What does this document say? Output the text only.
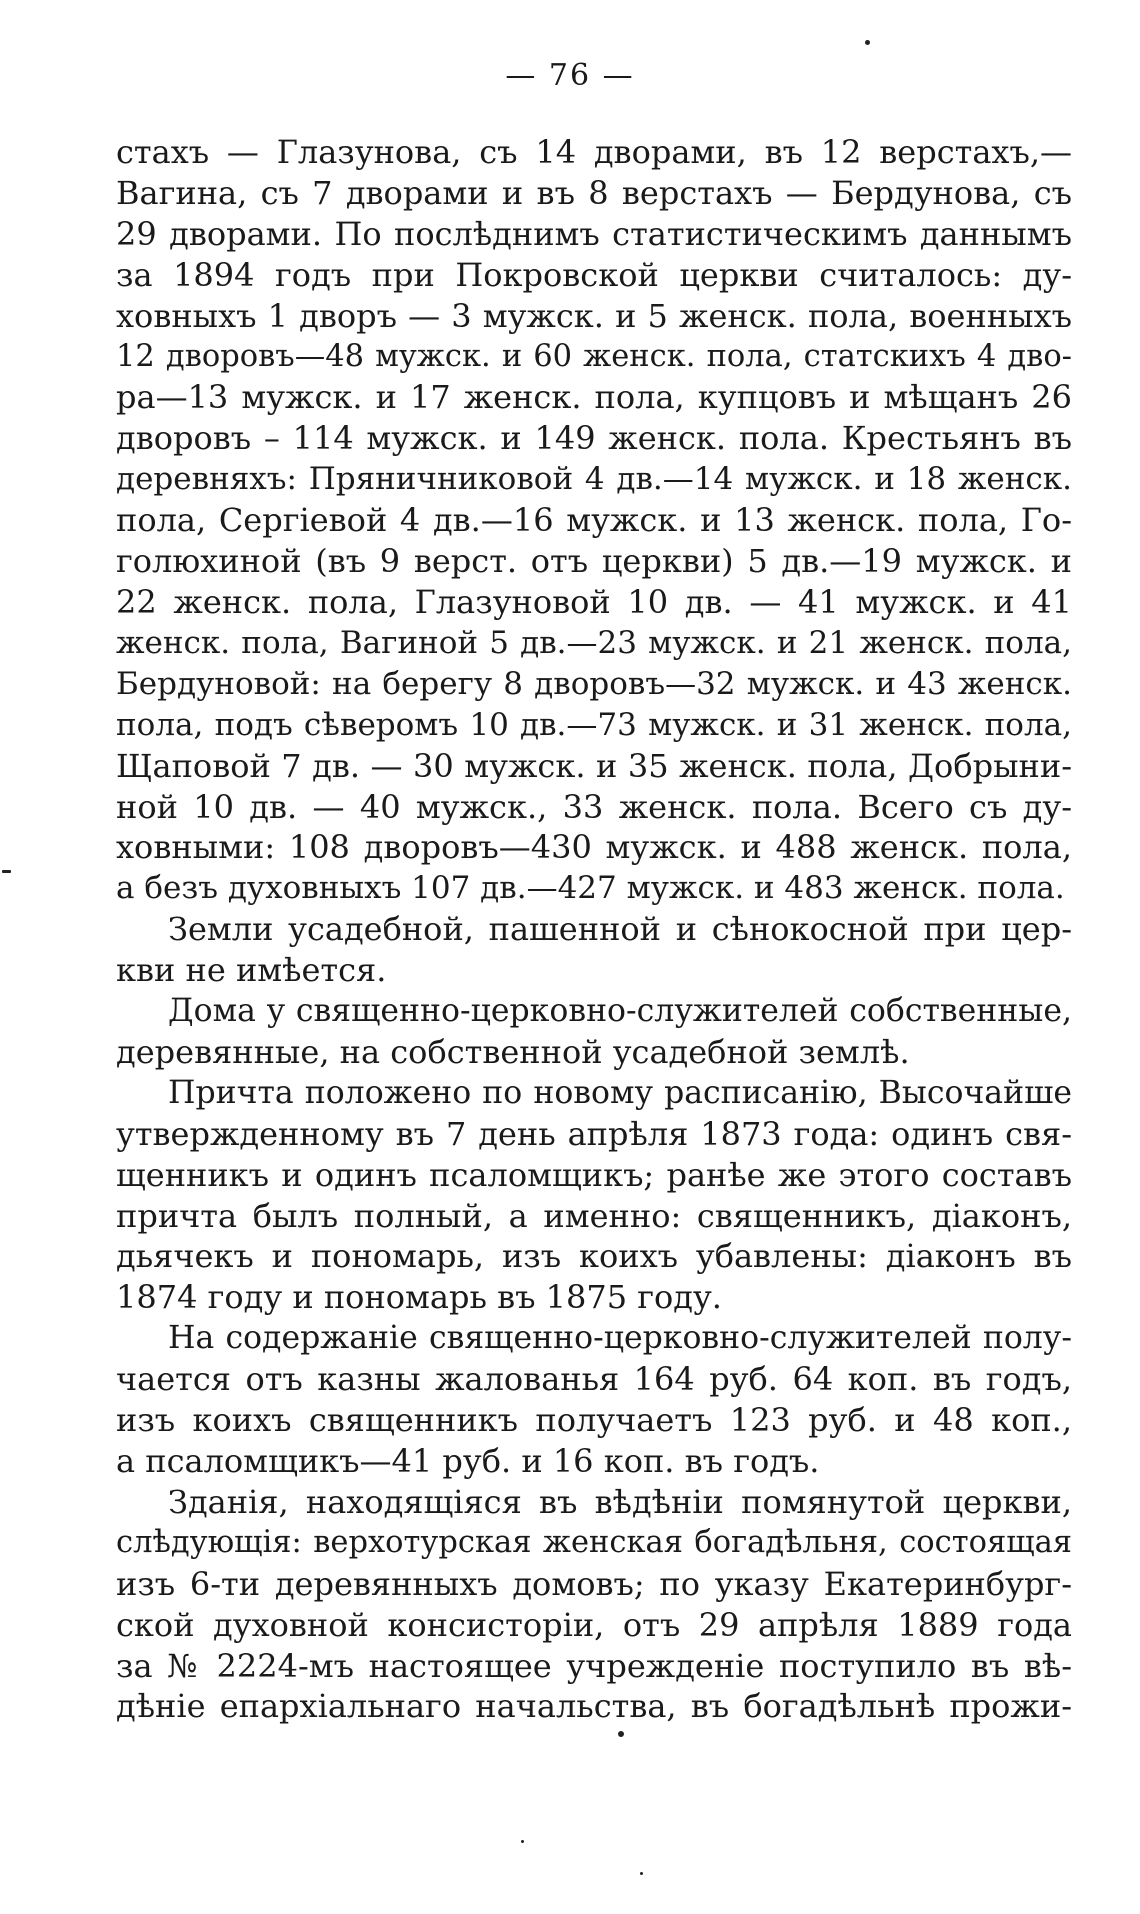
— 76 —
стахъ — Глазунова, съ 14 дворами, въ 12 верстахъ,—
Вагина, съ 7 дворами и въ 8 верстахъ — Бердунова, съ
29 дворами. По послѣднимъ статистическимъ даннымъ
за 1894 годъ при Покровской церкви считалось: ду-
ховныхъ 1 дворъ — 3 мужск. и 5 женск. пола, военныхъ
12 дворовъ—48 мужск. и 60 женск. пола, статскихъ 4 дво-
ра—13 мужск. и 17 женск. пола, купцовъ и мѣщанъ 26
дворовъ – 114 мужск. и 149 женск. пола. Крестьянъ въ
деревняхъ: Пряничниковой 4 дв.—14 мужск. и 18 женск.
пола, Сергіевой 4 дв.—16 мужск. и 13 женск. пола, Го-
голюхиной (въ 9 верст. отъ церкви) 5 дв.—19 мужск. и
22 женск. пола, Глазуновой 10 дв. — 41 мужск. и 41
женск. пола, Вагиной 5 дв.—23 мужск. и 21 женск. пола,
Бердуновой: на берегу 8 дворовъ—32 мужск. и 43 женск.
пола, подъ сѣверомъ 10 дв.—73 мужск. и 31 женск. пола,
Щаповой 7 дв. — 30 мужск. и 35 женск. пола, Добрыни-
ной 10 дв. — 40 мужск., 33 женск. пола. Всего съ ду-
ховными: 108 дворовъ—430 мужск. и 488 женск. пола,
а безъ духовныхъ 107 дв.—427 мужск. и 483 женск. пола.
Земли усадебной, пашенной и сѣнокосной при цер-
кви не имѣется.
Дома у священно-церковно-служителей собственные,
деревянные, на собственной усадебной землѣ.
Причта положено по новому расписанію, Высочайше
утвержденному въ 7 день апрѣля 1873 года: одинъ свя-
щенникъ и одинъ псаломщикъ; ранѣе же этого составъ
причта былъ полный, а именно: священникъ, діаконъ,
дьячекъ и пономарь, изъ коихъ убавлены: діаконъ въ
1874 году и пономарь въ 1875 году.
На содержаніе священно-церковно-служителей полу-
чается отъ казны жалованья 164 руб. 64 коп. въ годъ,
изъ коихъ священникъ получаетъ 123 руб. и 48 коп.,
а псаломщикъ—41 руб. и 16 коп. въ годъ.
Зданія, находящіяся въ вѣдѣніи помянутой церкви,
слѣдующія: верхотурская женская богадѣльня, состоящая
изъ 6-ти деревянныхъ домовъ; по указу Екатеринбург-
ской духовной консисторіи, отъ 29 апрѣля 1889 года
за № 2224-мъ настоящее учрежденіе поступило въ вѣ-
дѣніе епархіальнаго начальства, въ богадѣльнѣ прожи-
